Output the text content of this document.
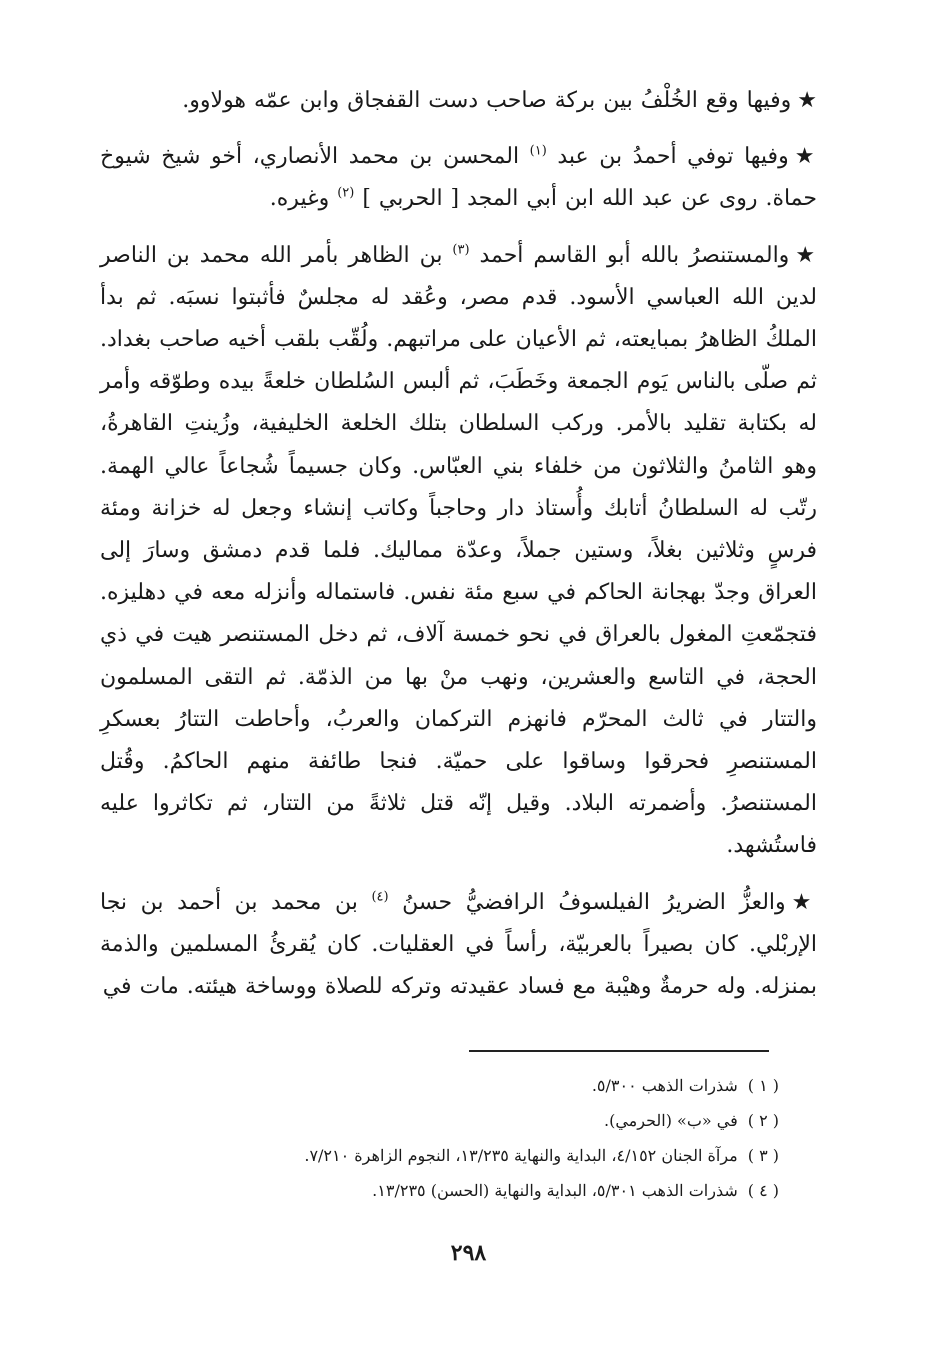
★وفيها وقع الخُلْفُ بين بركة صاحب دست القفجاق وابن عمّه هولاوو.

★وفيها توفي أحمدُ بن عبد $^{(١)}$ المحسن بن محمد الأنصاري، أخو شيخ شيوخ حماة. روى عن عبد الله ابن أبي المجد [ الحربي ] $^{(٢)}$ وغيره.

★والمستنصرُ بالله أبو القاسم أحمد $^{(٣)}$ بن الظاهر بأمر الله محمد بن الناصر لدين الله العباسي الأسود. قدم مصر، وعُقد له مجلسٌ فأثبتوا نسبَه. ثم بدأ الملكُ الظاهرُ بمبايعته، ثم الأعيان على مراتبهم. ولُقّب بلقب أخيه صاحب بغداد. ثم صلّى بالناس يَوم الجمعة وخَطَبَ، ثم ألبس السُلطان خلعةً بيده وطوّقه وأمر له بكتابة تقليد بالأمر. وركب السلطان بتلك الخلعة الخليفية، وزُينتِ القاهرةُ، وهو الثامنُ والثلاثون من خلفاء بني العبّاس. وكان جسيماً شُجاعاً عالي الهمة. رتّب له السلطانُ أتابك وأُستاذ دار وحاجباً وكاتب إنشاء وجعل له خزانة ومئة فرسٍ وثلاثين بغلاً، وستين جملاً، وعدّة مماليك. فلما قدم دمشق وسارَ إلى العراق وجدّ بهجانة الحاكم في سبع مئة نفس. فاستماله وأنزله معه في دهليزه. فتجمّعتِ المغول بالعراق في نحو خمسة آلاف، ثم دخل المستنصر هيت في ذي الحجة، في التاسع والعشرين، ونهب منْ بها من الذمّة. ثم التقى المسلمون والتتار في ثالث المحرّم فانهزم التركمان والعربُ، وأحاطت التتارُ بعسكرِ المستنصرِ فحرقوا وساقوا على حميّة. فنجا طائفة منهم الحاكمُ. وقُتل المستنصرُ. وأضمرته البلاد. وقيل إنّه قتل ثلاثةً من التتار، ثم تكاثروا عليه فاستُشهد.

★والعزُّ الضريرُ الفيلسوفُ الرافضيُّ حسنُ $^{(٤)}$ بن محمد بن أحمد بن نجا الإربْلي. كان بصيراً بالعربيّة، رأساً في العقليات. كان يُقرئُ المسلمين والذمة بمنزله. وله حرمةٌ وهيْبة مع فساد عقيدته وتركه للصلاة ووساخة هيئته. مات في

( ١ )شذرات الذهب ٥/٣٠٠.
( ٢ )في «ب» (الحرمي).
( ٣ )مرآة الجنان ٤/١٥٢، البداية والنهاية ١٣/٢٣٥، النجوم الزاهرة ٧/٢١٠.
( ٤ )شذرات الذهب ٥/٣٠١، البداية والنهاية (الحسن) ١٣/٢٣٥.
٢٩٨
